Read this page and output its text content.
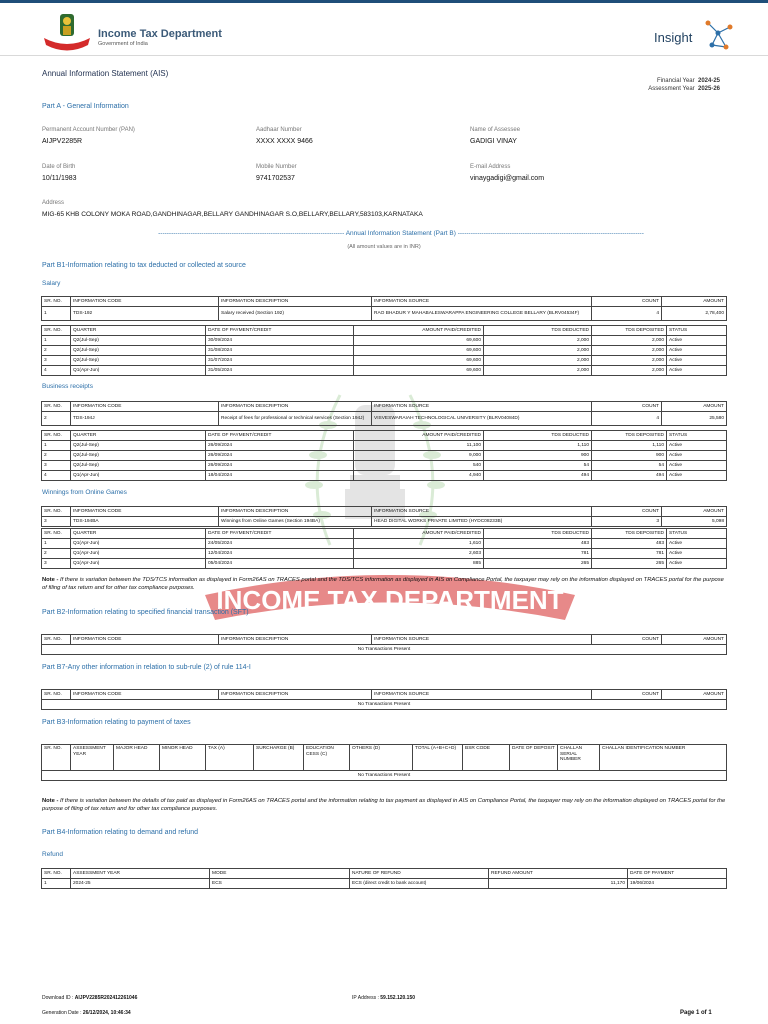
Income Tax Department
Government of India	Insight
Annual Information Statement (AIS)
Financial Year 2024-25
Assessment Year 2025-26
INCOME TAX DEPARTMENT
Part A - General Information
Permanent Account Number (PAN)
AIJPV2285R
Aadhaar Number
XXXX XXXX 9466
Name of Assessee
GADIGI VINAY
Date of Birth
10/11/1983
Mobile Number
9741702537
E-mail Address
vinaygadigi@gmail.com
Address
MIG-65 KHB COLONY MOKA ROAD,GANDHINAGAR,BELLARY GANDHINAGAR S.O,BELLARY,BELLARY,583103,KARNATAKA
-------------------------------------------------------------------------------------- Annual Information Statement (Part B) --------------------------------------------------------------------------------------
(All amount values are in INR)
Part B1-Information relating to tax deducted or collected at source
Salary
SR. NO.	INFORMATION CODE	INFORMATION DESCRIPTION	INFORMATION SOURCE	COUNT	AMOUNT
1	TDS-192	Salary received (Section 192)	RAO BHADUR Y MAHABALESWARAPPA ENGINEERING COLLEGE BELLARY (BLRV04534F)	4	2,78,400
SR. NO.	QUARTER	DATE OF PAYMENT/CREDIT	AMOUNT PAID/CREDITED	TDS DEDUCTED	TDS DEPOSITED	STATUS
1	Q2(Jul-Sep)	30/09/2024	69,600	2,000	2,000	Active
2	Q2(Jul-Sep)	31/08/2024	69,600	2,000	2,000	Active
3	Q2(Jul-Sep)	31/07/2024	69,600	2,000	2,000	Active
4	Q1(Apr-Jun)	31/05/2024	69,600	2,000	2,000	Active
Business receipts
SR. NO.	INFORMATION CODE	INFORMATION DESCRIPTION	INFORMATION SOURCE	COUNT	AMOUNT
2	TDS-194J	Receipt of fees for professional or technical services (Section 194J)	VISVESWARAIAH TECHNOLOGICAL UNIVERSITY (BLRV04084D)	4	25,580
SR. NO.	QUARTER	DATE OF PAYMENT/CREDIT	AMOUNT PAID/CREDITED	TDS DEDUCTED	TDS DEPOSITED	STATUS
1	Q2(Jul-Sep)	26/09/2024	11,100	1,110	1,110	Active
2	Q2(Jul-Sep)	26/09/2024	9,000	900	900	Active
3	Q2(Jul-Sep)	26/09/2024	540	54	54	Active
4	Q1(Apr-Jun)	18/04/2024	4,940	494	494	Active
Winnings from Online Games
SR. NO.	INFORMATION CODE	INFORMATION DESCRIPTION	INFORMATION SOURCE	COUNT	AMOUNT
3	TDS-194BA	Winnings from Online Games (Section 194BA)	HEAD DIGITAL WORKS PRIVATE LIMITED (HYDC08233B)	3	5,098
SR. NO.	QUARTER	DATE OF PAYMENT/CREDIT	AMOUNT PAID/CREDITED	TDS DEDUCTED	TDS DEPOSITED	STATUS
1	Q1(Apr-Jun)	24/05/2024	1,610	483	483	Active
2	Q1(Apr-Jun)	12/04/2024	2,603	781	781	Active
3	Q1(Apr-Jun)	05/04/2024	885	265	265	Active
Note - If there is variation between the TDS/TCS information as displayed in Form26AS on TRACES portal and the TDS/TCS information as displayed in AIS on Compliance Portal, the taxpayer may rely on the information displayed on TRACES portal for the purpose of filing of tax return and for other tax compliance purposes.
Part B2-Information relating to specified financial transaction (SFT)
SR. NO.	INFORMATION CODE	INFORMATION DESCRIPTION	INFORMATION SOURCE	COUNT	AMOUNT
No Transactions Present
Part B7-Any other information in relation to sub-rule (2) of rule 114-I
SR. NO.	INFORMATION CODE	INFORMATION DESCRIPTION	INFORMATION SOURCE	COUNT	AMOUNT
No Transactions Present
Part B3-Information relating to payment of taxes
SR. NO.	ASSESSMENT YEAR	MAJOR HEAD	MINOR HEAD	TAX (A)	SURCHARGE (B)	EDUCATION CESS (C)	OTHERS (D)	TOTAL (A+B+C+D)	BSR CODE	DATE OF DEPOSIT	CHALLAN SERIAL NUMBER	CHALLAN IDENTIFICATION NUMBER
No Transactions Present
Note - If there is variation between the details of tax paid as displayed in Form26AS on TRACES portal and the information relating to tax payment as displayed in AIS on Compliance Portal, the taxpayer may rely on the information displayed on TRACES portal for the purpose of filing of tax return and for other tax compliance purposes.
Part B4-Information relating to demand and refund
Refund
SR. NO.	ASSESSMENT YEAR	MODE	NATURE OF REFUND	REFUND AMOUNT	DATE OF PAYMENT
1	2024-25	ECS	ECS (direct credit to bank account)	11,170	19/06/2024
Download ID : AIJPV2285R202412261046
Generation Date : 26/12/2024, 10:46:34
IP Address : 59.152.120.150
Page 1 of 1
